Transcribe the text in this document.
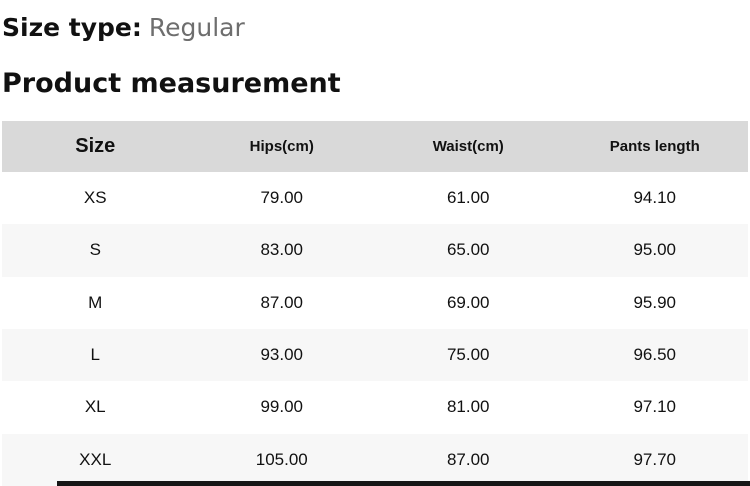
Size type: Regular
Product measurement
Size	Hips(cm)	Waist(cm)	Pants length
XS	79.00	61.00	94.10
S	83.00	65.00	95.00
M	87.00	69.00	95.90
L	93.00	75.00	96.50
XL	99.00	81.00	97.10
XXL	105.00	87.00	97.70
